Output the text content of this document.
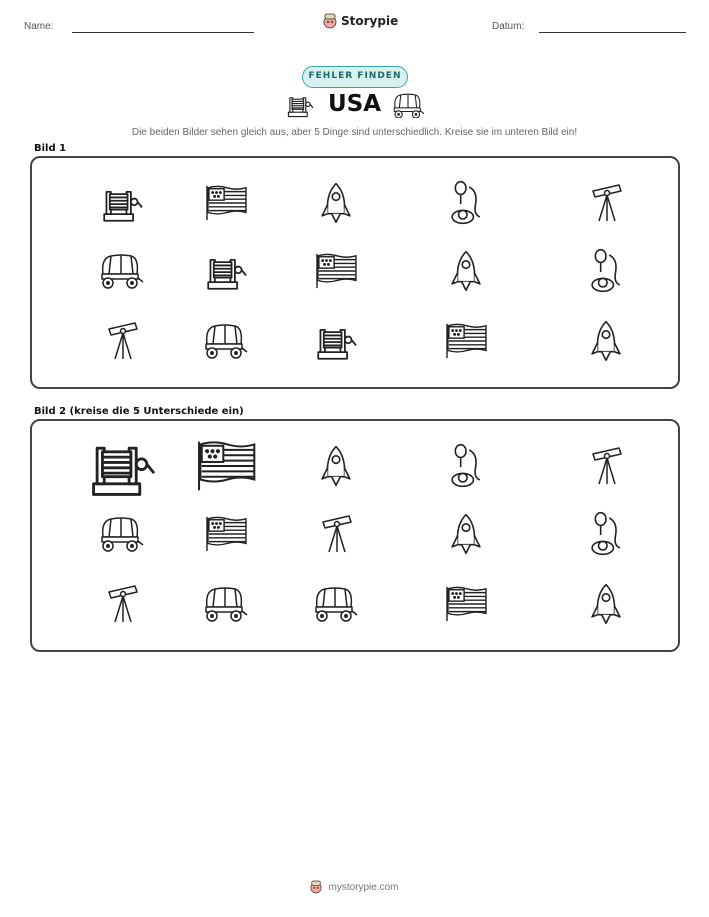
Name:	Storypie	Datum:
FEHLER FINDEN
USA
Die beiden Bilder sehen gleich aus, aber 5 Dinge sind unterschiedlich. Kreise sie im unteren Bild ein!
Bild 1
Bild 2 (kreise die 5 Unterschiede ein)
mystorypie.com
